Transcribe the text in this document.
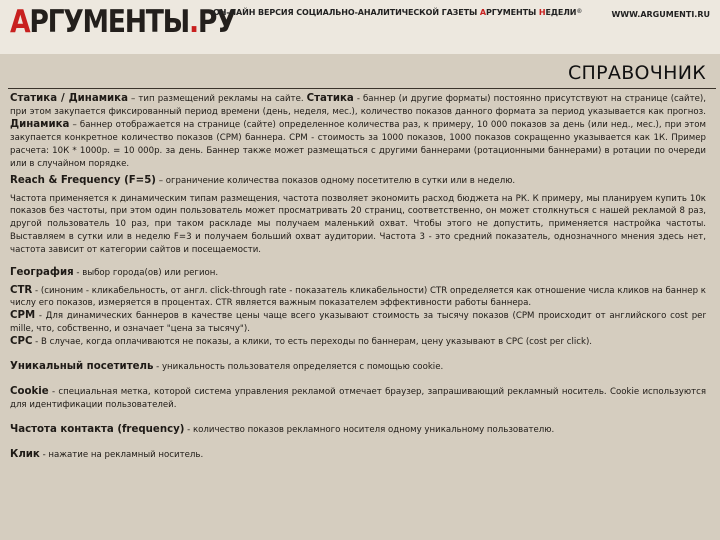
АРГУМЕНТЫ.РУ
ОН-ЛАЙН ВЕРСИЯ СОЦИАЛЬНО-АНАЛИТИЧЕСКОЙ ГАЗЕТЫ АРГУМЕНТЫ НЕДЕЛИ®	WWW.ARGUMENTI.RU
СПРАВОЧНИК

Статика / Динамика – тип размещений рекламы на сайте. Статика - баннер (и другие форматы) постоянно присутствуют на странице (сайте), при этом закупается фиксированный период времени (день, неделя, мес.), количество показов данного формата за период указывается как прогноз. Динамика – баннер отображается на странице (сайте) определенное количества раз, к примеру, 10 000 показов за день (или нед., мес.), при этом закупается конкретное количество показов (CPM) баннера. CPM - стоимость за 1000 показов, 1000 показов сокращенно указывается как 1К. Пример расчета: 10К * 1000р. = 10 000р. за день. Баннер также может размещаться с другими баннерами (ротационными баннерами) в ротации по очереди или в случайном порядке.

Reach & Frequency (F=5) – ограничение количества показов одному посетителю в сутки или в неделю.

Частота применяется к динамическим типам размещения, частота позволяет экономить расход бюджета на РК. К примеру, мы планируем купить 10к показов без частоты, при этом один пользователь может просматривать 20 страниц, соответственно, он может столкнуться с нашей рекламой 8 раз, другой пользователь 10 раз, при таком раскладе мы получаем маленький охват. Чтобы этого не допустить, применяется настройка частоты. Выставляем в сутки или в неделю F=3 и получаем больший охват аудитории. Частота 3 - это средний показатель, однозначного мнения здесь нет, частота зависит от категории сайтов и посещаемости.

География - выбор города(ов) или регион.

CTR - (синоним - кликабельность, от англ. click-through rate - показатель кликабельности) CTR определяется как отношение числа кликов на баннер к числу его показов, измеряется в процентах. CTR является важным показателем эффективности работы баннера.

CPM - Для динамических баннеров в качестве цены чаще всего указывают стоимость за тысячу показов (CPM происходит от английского cost per mille, что, собственно, и означает "цена за тысячу").

CPC - В случае, когда оплачиваются не показы, а клики, то есть переходы по баннерам, цену указывают в CPC (cost per click).

Уникальный посетитель - уникальность пользователя определяется с помощью cookie.

Cookie - специальная метка, которой система управления рекламой отмечает браузер, запрашивающий рекламный носитель. Cookie используются для идентификации пользователей.

Частота контакта (frequency) - количество показов рекламного носителя одному уникальному пользователю.

Клик - нажатие на рекламный носитель.
